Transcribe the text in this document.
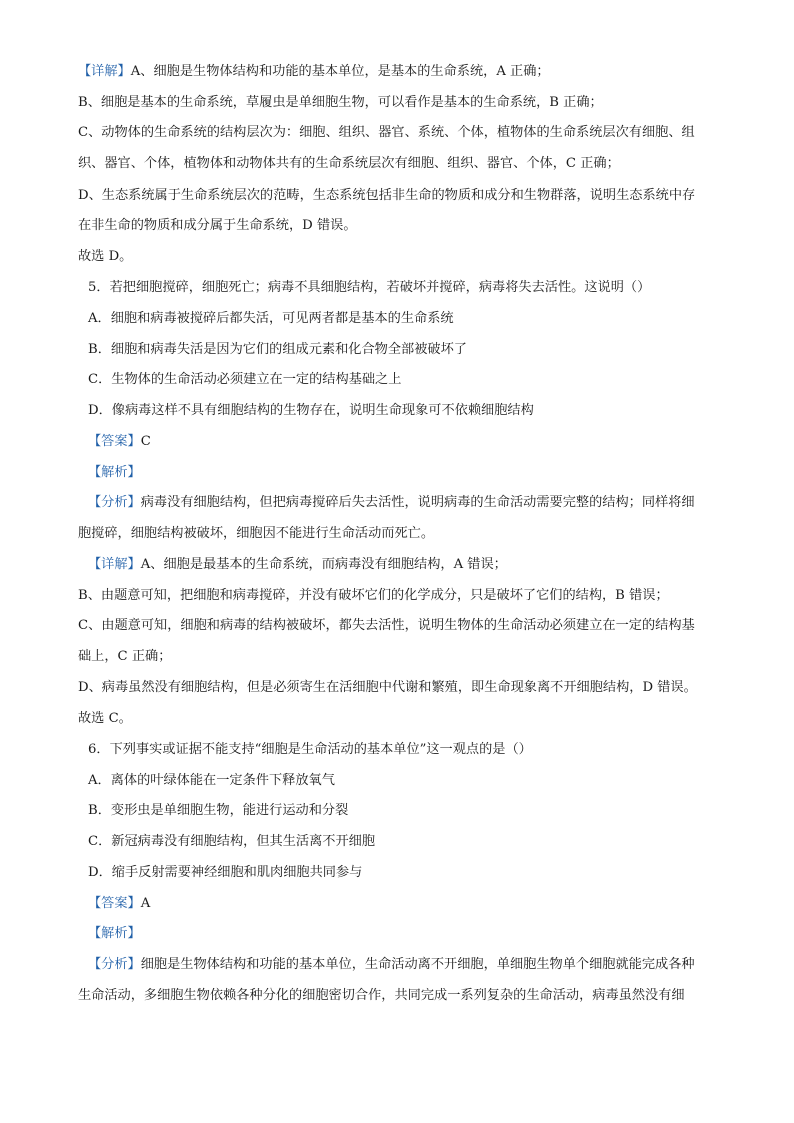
【详解】A、细胞是生物体结构和功能的基本单位，是基本的生命系统，A 正确；
B、细胞是基本的生命系统，草履虫是单细胞生物，可以看作是基本的生命系统，B 正确；
C、动物体的生命系统的结构层次为：细胞、组织、器官、系统、个体，植物体的生命系统层次有细胞、组
织、器官、个体，植物体和动物体共有的生命系统层次有细胞、组织、器官、个体，C 正确；
D、生态系统属于生命系统层次的范畴，生态系统包括非生命的物质和成分和生物群落，说明生态系统中存
在非生命的物质和成分属于生命系统，D 错误。
故选 D。
5．若把细胞搅碎，细胞死亡；病毒不具细胞结构，若破坏并搅碎，病毒将失去活性。这说明（）
A．细胞和病毒被搅碎后都失活，可见两者都是基本的生命系统
B．细胞和病毒失活是因为它们的组成元素和化合物全部被破坏了
C．生物体的生命活动必须建立在一定的结构基础之上
D．像病毒这样不具有细胞结构的生物存在，说明生命现象可不依赖细胞结构
【答案】C
【解析】
【分析】病毒没有细胞结构，但把病毒搅碎后失去活性，说明病毒的生命活动需要完整的结构；同样将细
胞搅碎，细胞结构被破坏，细胞因不能进行生命活动而死亡。
【详解】A、细胞是最基本的生命系统，而病毒没有细胞结构，A 错误；
B、由题意可知，把细胞和病毒搅碎，并没有破坏它们的化学成分，只是破坏了它们的结构，B 错误；
C、由题意可知，细胞和病毒的结构被破坏，都失去活性，说明生物体的生命活动必须建立在一定的结构基
础上，C 正确；
D、病毒虽然没有细胞结构，但是必须寄生在活细胞中代谢和繁殖，即生命现象离不开细胞结构，D 错误。
故选 C。
6．下列事实或证据不能支持“细胞是生命活动的基本单位”这一观点的是（）
A．离体的叶绿体能在一定条件下释放氧气
B．变形虫是单细胞生物，能进行运动和分裂
C．新冠病毒没有细胞结构，但其生活离不开细胞
D．缩手反射需要神经细胞和肌肉细胞共同参与
【答案】A
【解析】
【分析】细胞是生物体结构和功能的基本单位，生命活动离不开细胞，单细胞生物单个细胞就能完成各种
生命活动，多细胞生物依赖各种分化的细胞密切合作，共同完成一系列复杂的生命活动，病毒虽然没有细
